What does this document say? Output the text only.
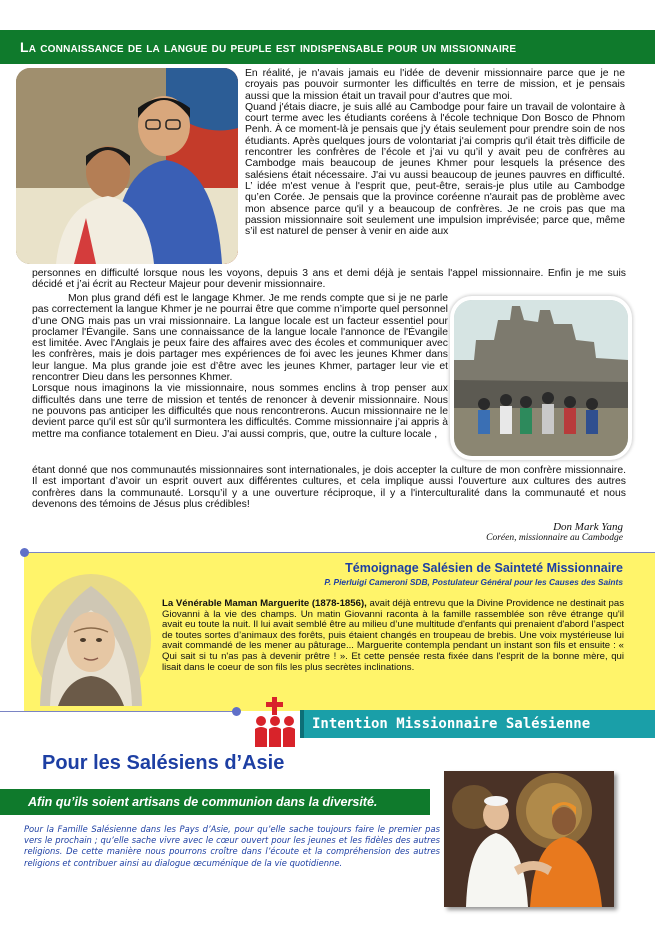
La connaissance de la langue du peuple est indispensable pour un missionnaire

En réalité, je n'avais jamais eu l'idée de devenir missionnaire parce que je ne croyais pas pouvoir surmonter les difficultés en terre de mission, et je pensais aussi que la mission était un travail pour d’autres que moi.

Quand j'étais diacre, je suis allé au Cambodge pour faire un travail de volontaire à court terme avec les étudiants coréens à l'école technique Don Bosco de Phnom Penh. À ce moment-là je pensais que j'y étais seulement pour prendre soin de nos étudiants. Après quelques jours de volontariat j'ai compris qu'il était très difficile de rencontrer les confrères de l’école et j’ai vu qu’il y avait peu de confrères au Cambodge mais beaucoup de jeunes Khmer pour lesquels la présence des salésiens était nécessaire. J'ai vu aussi beaucoup de jeunes pauvres en difficulté. L’ idée m'est venue à l'esprit que, peut-être, serais-je plus utile au Cambodge qu’en Corée. Je pensais que la province coréenne n'aurait pas de problème avec mon absence parce qu'il y a beaucoup de confrères. Je ne crois pas que ma passion missionnaire soit seulement une impulsion imprévisée; parce que, même s’il est naturel de penser à venir en aide aux

personnes en difficulté lorsque nous les voyons, depuis 3 ans et demi déjà je sentais l'appel missionnaire. Enfin je me suis décidé et j’ai écrit au Recteur Majeur pour devenir missionnaire.

Mon plus grand défi est le langage Khmer. Je me rends compte que si je ne parle pas correctement la langue Khmer je ne pourrai être que comme n’importe quel personnel d’une ONG mais pas un vrai missionnaire. La langue locale est un facteur essentiel pour proclamer l'Évangile. Sans une connaissance de la langue locale l'annonce de l'Évangile est limitée. Avec l'Anglais je peux faire des affaires avec des écoles et communiquer avec les confrères, mais je dois partager mes expériences de foi avec les jeunes Khmer dans leur langue. Ma plus grande joie est d’être avec les jeunes Khmer, partager leur vie et rencontrer Dieu dans les personnes Khmer.

Lorsque nous imaginons la vie missionnaire, nous sommes enclins à trop penser aux difficultés dans une terre de mission et tentés de renoncer à devenir missionnaire. Nous ne pouvons pas anticiper les difficultés que nous rencontrerons. Aucun missionnaire ne le devient parce qu'il est sûr qu'il surmontera les difficultés. Comme missionnaire j’ai appris à mettre ma confiance totalement en Dieu. J'ai aussi compris, que, outre la culture locale ,

étant donné que nos communautés missionnaires sont internationales, je dois accepter la culture de mon confrère missionnaire. Il est important d’avoir un esprit ouvert aux différentes cultures, et cela implique aussi l'ouverture aux cultures des autres confrères dans la communauté. Lorsqu’il y a une ouverture réciproque, il y a l'interculturalité dans la communauté et nous devenons des témoins de Jésus plus crédibles!

Don Mark Yang
Coréen, missionnaire au Cambodge
Témoignage Salésien de Sainteté Missionnaire
P. Pierluigi Cameroni SDB, Postulateur Général pour les Causes des Saints
La Vénérable Maman Marguerite (1878-1856), avait déjà entrevu que la Divine Providence ne destinait pas Giovanni à la vie des champs. Un matin Giovanni raconta à la famille rassemblée son rêve étrange qu'il avait eu toute la nuit. Il lui avait semblé être au milieu d’une multitude d'enfants qui prenaient d'abord l’aspect de toutes sortes d’animaux des forêts, puis étaient changés en troupeau de brebis. Une voix mystérieuse lui avait commandé de les mener au pâturage... Marguerite contempla pendant un instant son fils et ensuite : « Qui sait si tu n'as pas à devenir prêtre ! ». Et cette pensée resta fixée dans l'esprit de la bonne mère, qui lisait dans le coeur de son fils les plus secrètes inclinations.
Intention Missionnaire Salésienne
Pour les Salésiens d’Asie
Afin qu’ils soient artisans de communion dans la diversité.
Pour la Famille Salésienne dans les Pays d’Asie, pour qu’elle sache toujours faire le premier pas vers le prochain ; qu’elle sache vivre avec le cœur ouvert pour les jeunes et les fidèles des autres religions. De cette manière nous pourrons croître dans l’écoute et la compréhension des autres religions et contribuer ainsi au dialogue œcuménique de la vie quotidienne.
